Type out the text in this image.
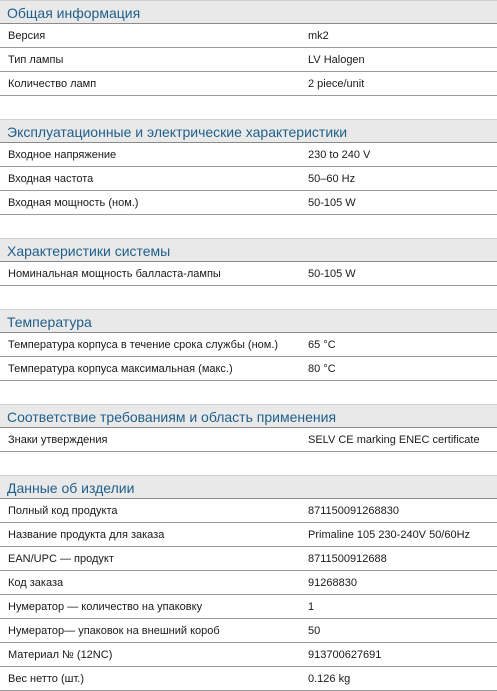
Общая информация
Версия	mk2
Тип лампы	LV Halogen
Количество ламп	2 piece/unit
Эксплуатационные и электрические характеристики
Входное напряжение	230 to 240 V
Входная частота	50–60 Hz
Входная мощность (ном.)	50-105 W
Характеристики системы
Номинальная мощность балласта-лампы	50-105 W
Температура
Температура корпуса в течение срока службы (ном.)	65 °C
Температура корпуса максимальная (макс.)	80 °C
Соответствие требованиям и область применения
Знаки утверждения	SELV CE marking ENEC certificate
Данные об изделии
Полный код продукта	871150091268830
Название продукта для заказа	Primaline 105 230-240V 50/60Hz
EAN/UPC — продукт	8711500912688
Код заказа	91268830
Нумератор — количество на упаковку	1
Нумератор— упаковок на внешний короб	50
Материал № (12NC)	913700627691
Вес нетто (шт.)	0.126 kg
